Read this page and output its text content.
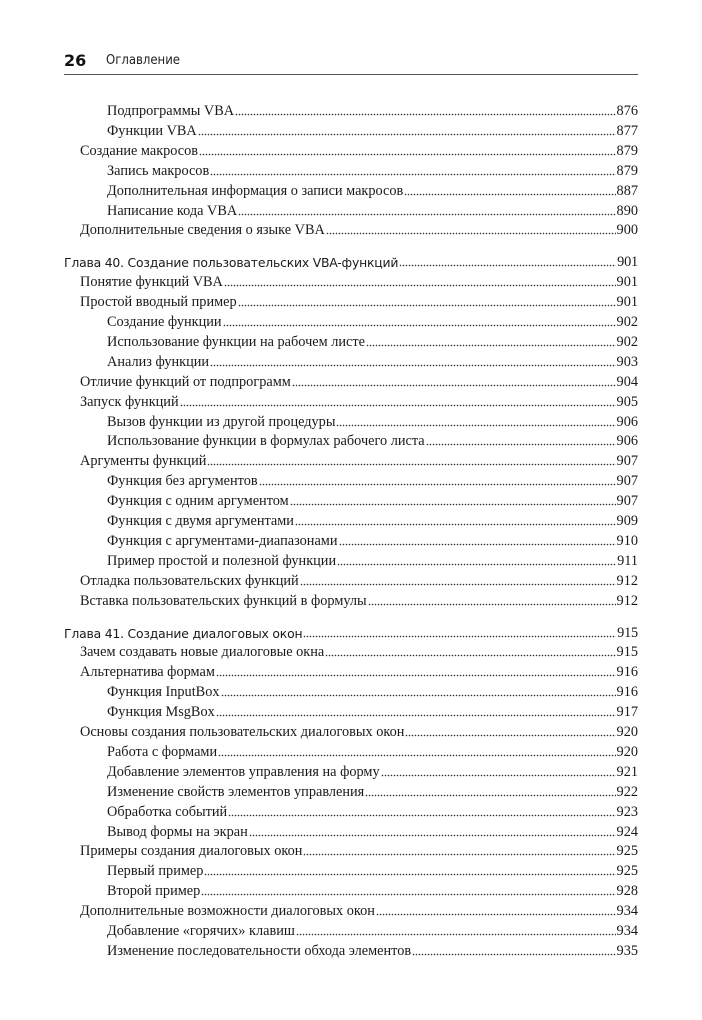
26 Оглавление
Подпрограммы VBA	876
Функции VBA	877
Создание макросов	879
Запись макросов	879
Дополнительная информация о записи макросов	887
Написание кода VBA	890
Дополнительные сведения о языке VBA	900
Глава 40. Создание пользовательских VBA-функций	901
Понятие функций VBA	901
Простой вводный пример	901
Создание функции	902
Использование функции на рабочем листе	902
Анализ функции	903
Отличие функций от подпрограмм	904
Запуск функций	905
Вызов функции из другой процедуры	906
Использование функции в формулах рабочего листа	906
Аргументы функций	907
Функция без аргументов	907
Функция с одним аргументом	907
Функция с двумя аргументами	909
Функция с аргументами-диапазонами	910
Пример простой и полезной функции	911
Отладка пользовательских функций	912
Вставка пользовательских функций в формулы	912
Глава 41. Создание диалоговых окон	915
Зачем создавать новые диалоговые окна	915
Альтернатива формам	916
Функция InputBox	916
Функция MsgBox	917
Основы создания пользовательских диалоговых окон	920
Работа с формами	920
Добавление элементов управления на форму	921
Изменение свойств элементов управления	922
Обработка событий	923
Вывод формы на экран	924
Примеры создания диалоговых окон	925
Первый пример	925
Второй пример	928
Дополнительные возможности диалоговых окон	934
Добавление «горячих» клавиш	934
Изменение последовательности обхода элементов	935
